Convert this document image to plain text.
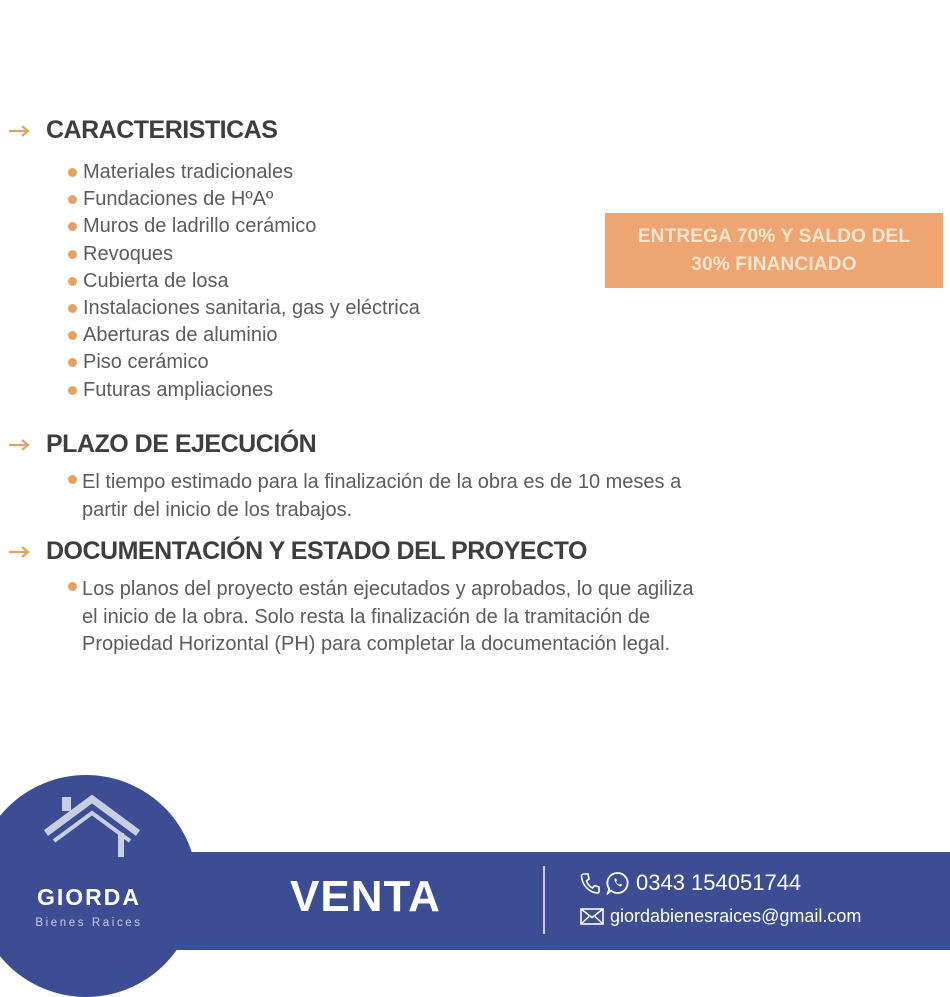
CARACTERISTICAS
Materiales tradicionales
Fundaciones de HºAº
Muros de ladrillo cerámico
Revoques
Cubierta de losa
Instalaciones sanitaria, gas y eléctrica
Aberturas de aluminio
Piso cerámico
Futuras ampliaciones
ENTREGA 70% Y SALDO DEL
30% FINANCIADO
PLAZO DE EJECUCIÓN
El tiempo estimado para la finalización de la obra es de 10 meses a
partir del inicio de los trabajos.
DOCUMENTACIÓN Y ESTADO DEL PROYECTO
Los planos del proyecto están ejecutados y aprobados, lo que agiliza
el inicio de la obra. Solo resta la finalización de la tramitación de
Propiedad Horizontal (PH) para completar la documentación legal.
GIORDA
Bienes Raices
VENTA	0343 154051744
giordabienesraices@gmail.com
